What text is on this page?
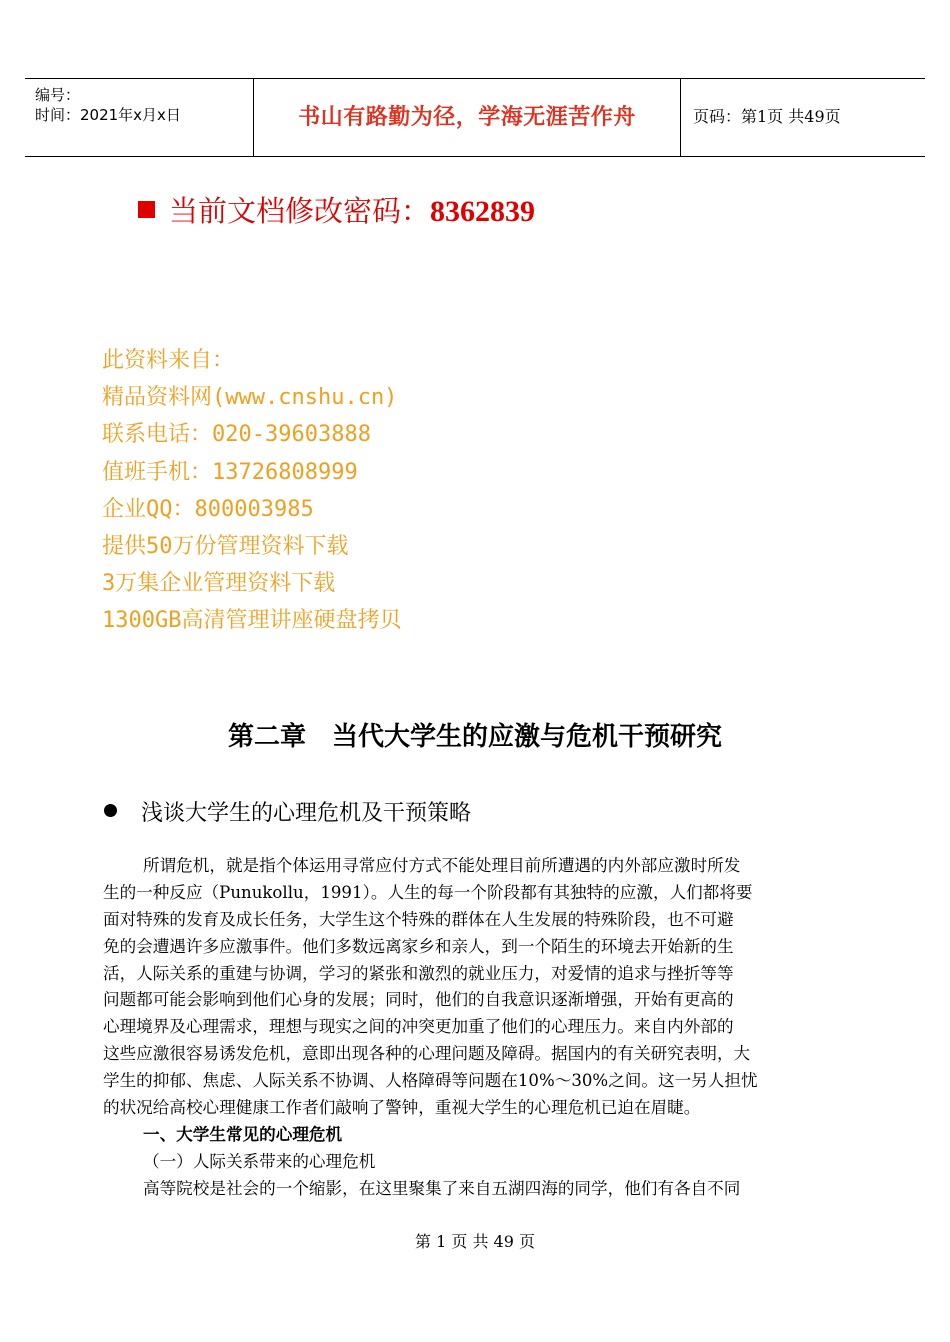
编号：
时间：2021年x月x日	书山有路勤为径，学海无涯苦作舟	页码：第1页 共49页
当前文档修改密码：8362839
此资料来自：
精品资料网(www.cnshu.cn)
联系电话：020-39603888
值班手机：13726808999
企业QQ：800003985
提供50万份管理资料下载
3万集企业管理资料下载
1300GB高清管理讲座硬盘拷贝
第二章　当代大学生的应激与危机干预研究
浅谈大学生的心理危机及干预策略
所谓危机，就是指个体运用寻常应付方式不能处理目前所遭遇的内外部应激时所发
生的一种反应（Punukollu，1991）。人生的每一个阶段都有其独特的应激，人们都将要
面对特殊的发育及成长任务，大学生这个特殊的群体在人生发展的特殊阶段，也不可避
免的会遭遇许多应激事件。他们多数远离家乡和亲人，到一个陌生的环境去开始新的生
活，人际关系的重建与协调，学习的紧张和激烈的就业压力，对爱情的追求与挫折等等
问题都可能会影响到他们心身的发展；同时，他们的自我意识逐渐增强，开始有更高的
心理境界及心理需求，理想与现实之间的冲突更加重了他们的心理压力。来自内外部的
这些应激很容易诱发危机，意即出现各种的心理问题及障碍。据国内的有关研究表明，大
学生的抑郁、焦虑、人际关系不协调、人格障碍等问题在10%～30%之间。这一另人担忧
的状况给高校心理健康工作者们敲响了警钟，重视大学生的心理危机已迫在眉睫。
一、大学生常见的心理危机
（一）人际关系带来的心理危机
高等院校是社会的一个缩影，在这里聚集了来自五湖四海的同学，他们有各自不同
第 1 页 共 49 页
